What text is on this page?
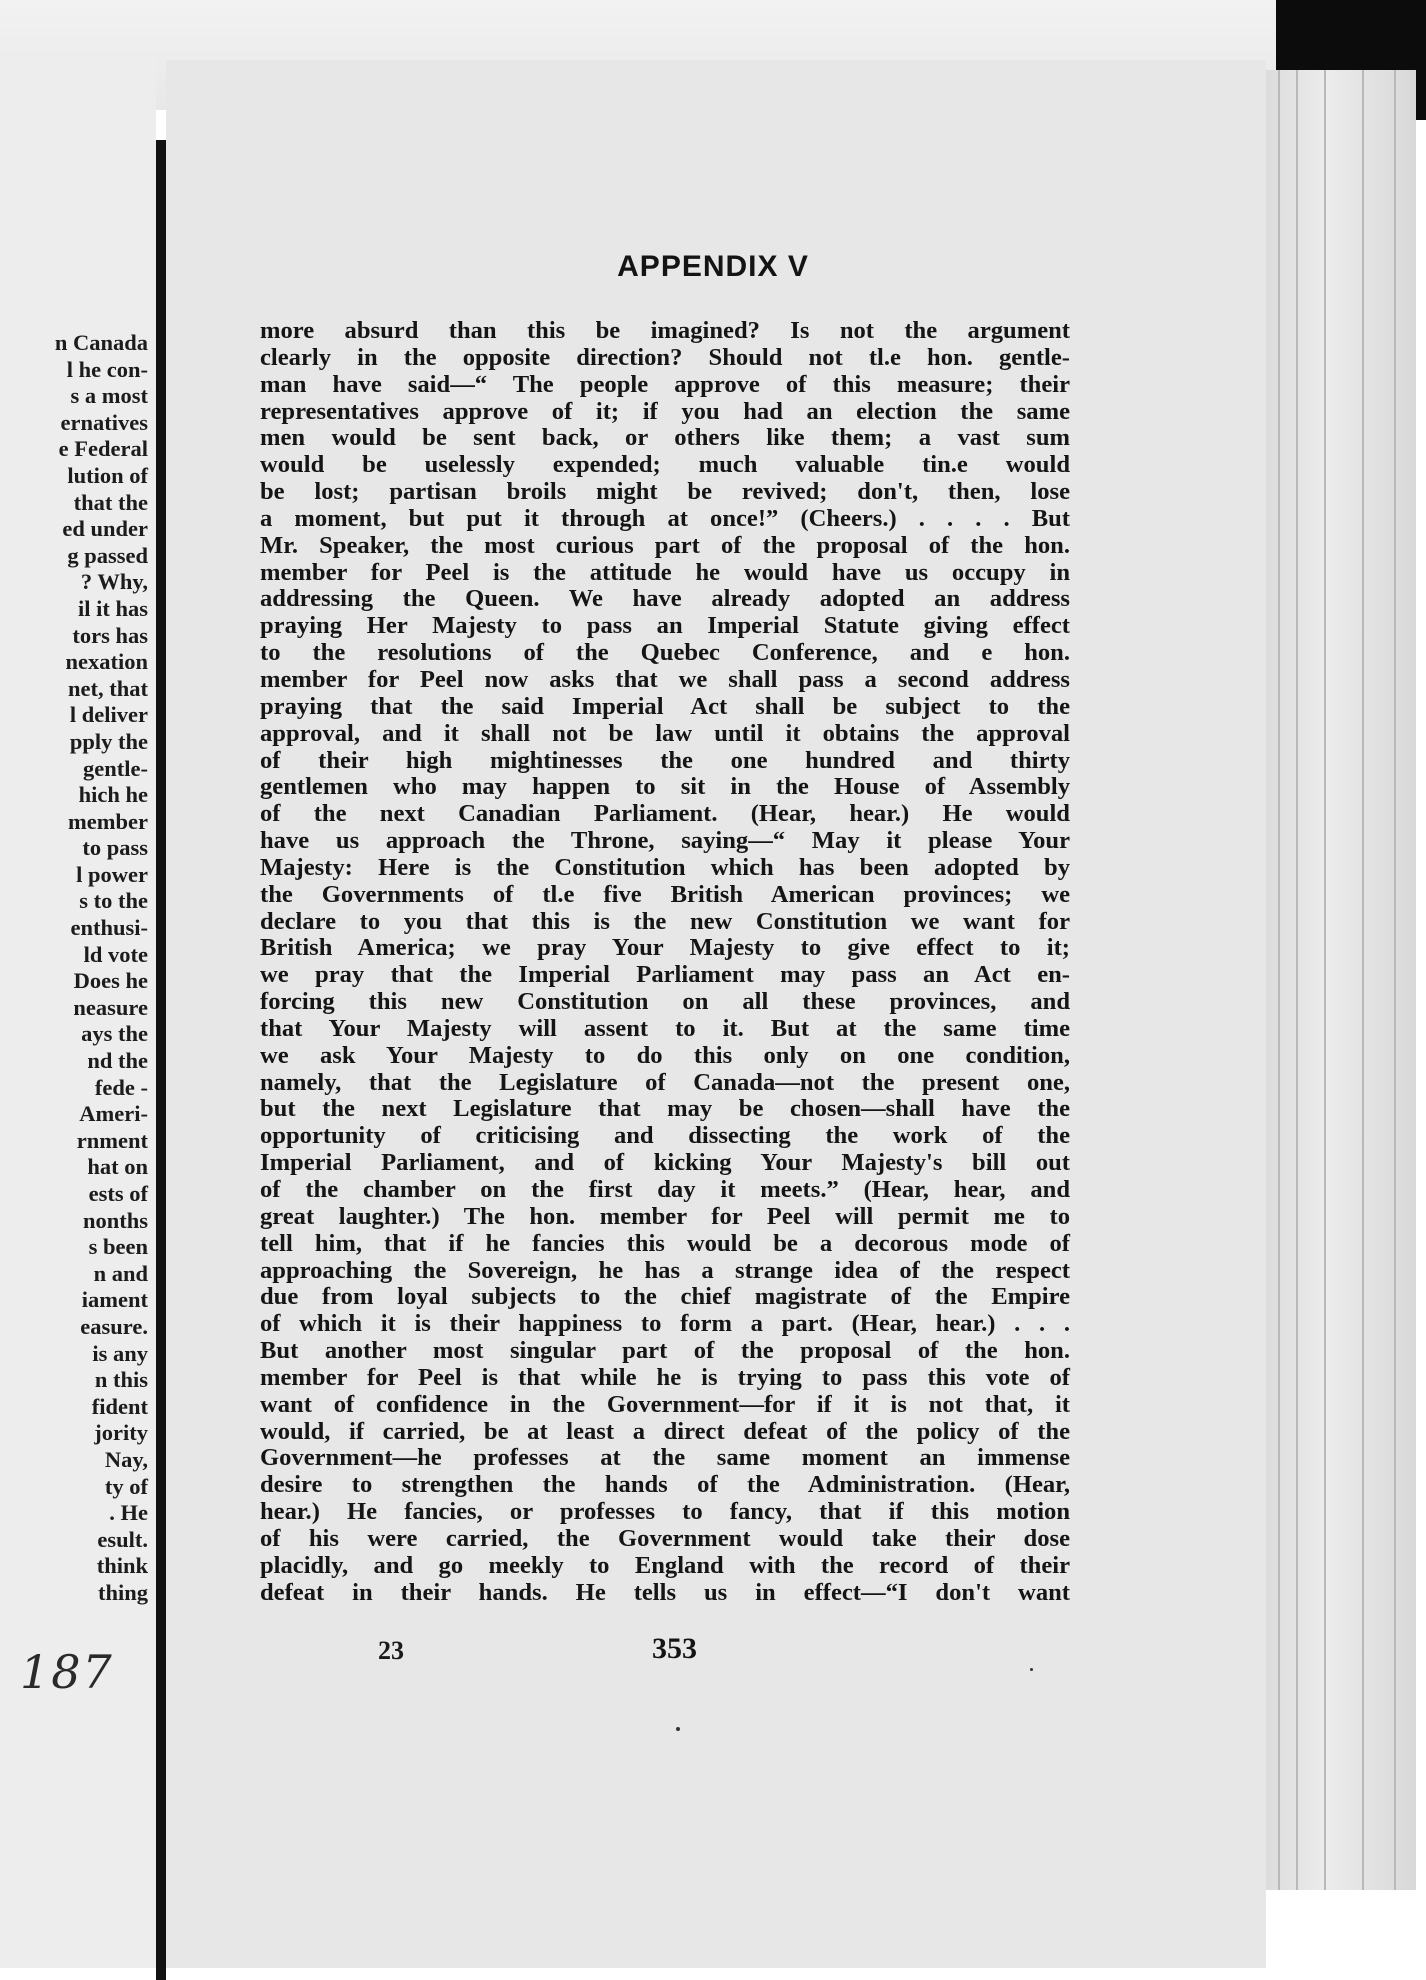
n Canada
l he con-
s a most
ernatives
e Federal
lution of
that the
ed under
g passed
? Why,
il it has
tors has
nexation
net, that
l deliver
pply the
gentle-
hich he
member
to pass
l power
s to the
enthusi-
ld vote
Does he
neasure
ays the
nd the
fede -
Ameri-
rnment
hat on
ests of
nonths
s been
n and
iament
easure.
is any
n this
fident
jority
Nay,
ty of
. He
esult.
think
thing
187
APPENDIX V
more absurd than this be imagined? Is not the argument
clearly in the opposite direction? Should not tl.e hon. gentle-
man have said—“ The people approve of this measure; their
representatives approve of it; if you had an election the same
men would be sent back, or others like them; a vast sum
would be uselessly expended; much valuable tin.e would
be lost; partisan broils might be revived; don't, then, lose
a moment, but put it through at once!” (Cheers.) . . . . But
Mr. Speaker, the most curious part of the proposal of the hon.
member for Peel is the attitude he would have us occupy in
addressing the Queen. We have already adopted an address
praying Her Majesty to pass an Imperial Statute giving effect
to the resolutions of the Quebec Conference, and e hon.
member for Peel now asks that we shall pass a second address
praying that the said Imperial Act shall be subject to the
approval, and it shall not be law until it obtains the approval
of their high mightinesses the one hundred and thirty
gentlemen who may happen to sit in the House of Assembly
of the next Canadian Parliament. (Hear, hear.) He would
have us approach the Throne, saying—“ May it please Your
Majesty: Here is the Constitution which has been adopted by
the Governments of tl.e five British American provinces; we
declare to you that this is the new Constitution we want for
British America; we pray Your Majesty to give effect to it;
we pray that the Imperial Parliament may pass an Act en-
forcing this new Constitution on all these provinces, and
that Your Majesty will assent to it. But at the same time
we ask Your Majesty to do this only on one condition,
namely, that the Legislature of Canada—not the present one,
but the next Legislature that may be chosen—shall have the
opportunity of criticising and dissecting the work of the
Imperial Parliament, and of kicking Your Majesty's bill out
of the chamber on the first day it meets.” (Hear, hear, and
great laughter.) The hon. member for Peel will permit me to
tell him, that if he fancies this would be a decorous mode of
approaching the Sovereign, he has a strange idea of the respect
due from loyal subjects to the chief magistrate of the Empire
of which it is their happiness to form a part. (Hear, hear.) . . .
But another most singular part of the proposal of the hon.
member for Peel is that while he is trying to pass this vote of
want of confidence in the Government—for if it is not that, it
would, if carried, be at least a direct defeat of the policy of the
Government—he professes at the same moment an immense
desire to strengthen the hands of the Administration. (Hear,
hear.) He fancies, or professes to fancy, that if this motion
of his were carried, the Government would take their dose
placidly, and go meekly to England with the record of their
defeat in their hands. He tells us in effect—“I don't want
23	353
